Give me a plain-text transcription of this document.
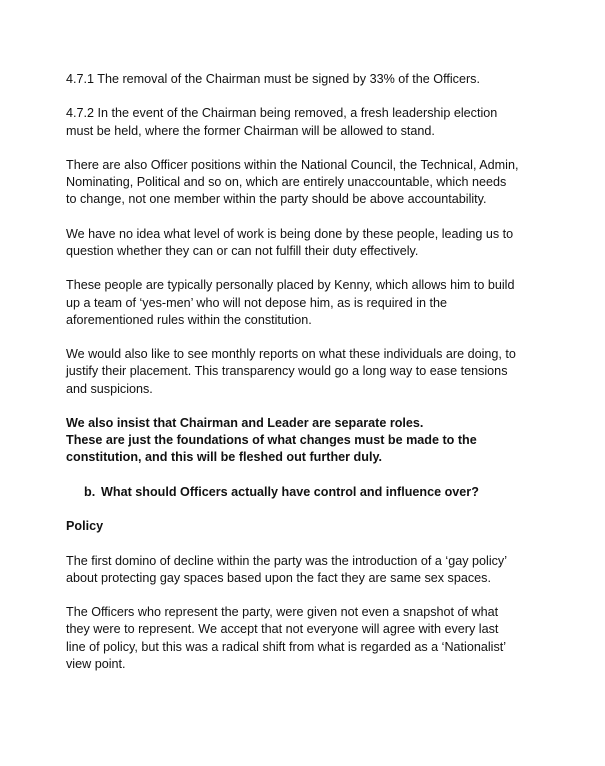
4.7.1 The removal of the Chairman must be signed by 33% of the Officers.

4.7.2 In the event of the Chairman being removed, a fresh leadership election
must be held, where the former Chairman will be allowed to stand.

There are also Officer positions within the National Council, the Technical, Admin,
Nominating, Political and so on, which are entirely unaccountable, which needs
to change, not one member within the party should be above accountability.

We have no idea what level of work is being done by these people, leading us to
question whether they can or can not fulfill their duty effectively.

These people are typically personally placed by Kenny, which allows him to build
up a team of ‘yes-men’ who will not depose him, as is required in the
aforementioned rules within the constitution.

We would also like to see monthly reports on what these individuals are doing, to
justify their placement. This transparency would go a long way to ease tensions
and suspicions.

We also insist that Chairman and Leader are separate roles.
These are just the foundations of what changes must be made to the
constitution, and this will be fleshed out further duly.

b. What should Officers actually have control and influence over?

Policy

The first domino of decline within the party was the introduction of a ‘gay policy’
about protecting gay spaces based upon the fact they are same sex spaces.

The Officers who represent the party, were given not even a snapshot of what
they were to represent. We accept that not everyone will agree with every last
line of policy, but this was a radical shift from what is regarded as a ‘Nationalist’
view point.
